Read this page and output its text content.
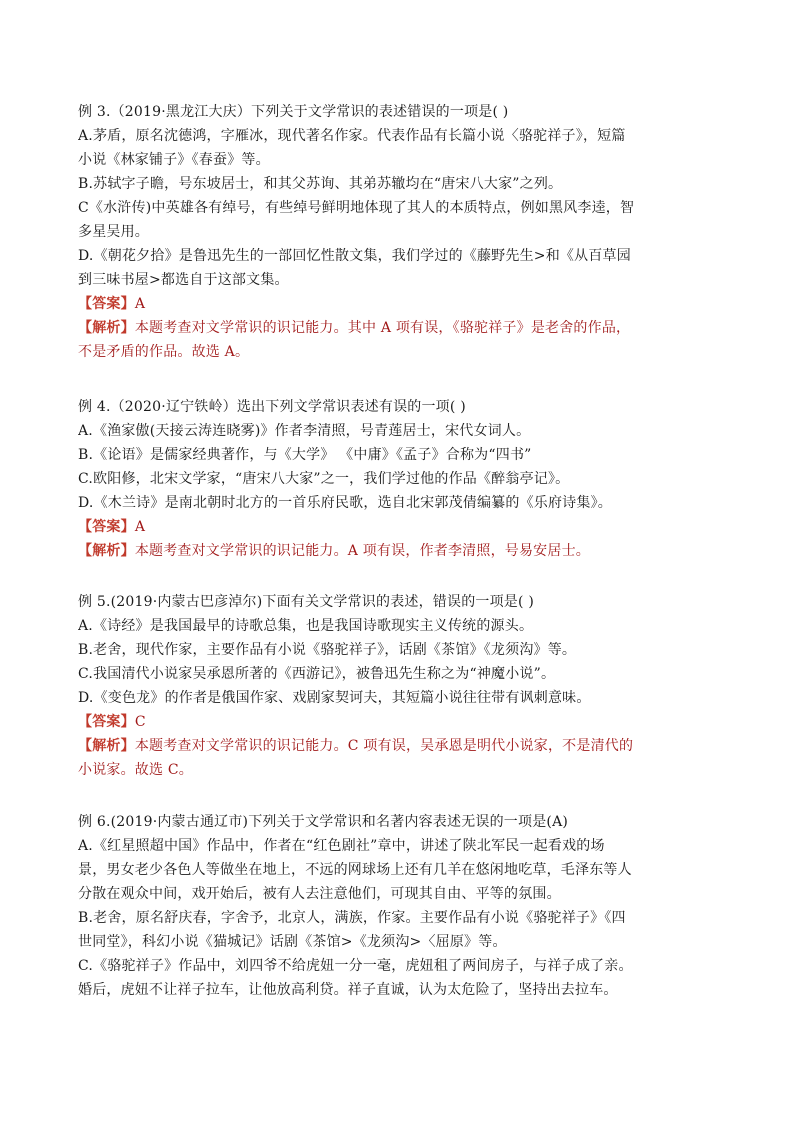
例 3.（2019·黑龙江大庆）下列关于文学常识的表述错误的一项是( )
A.茅盾，原名沈德鸿，字雁冰，现代著名作家。代表作品有长篇小说〈骆驼祥子》，短篇
小说《林家铺子》《春蚕》等。
B.苏轼字子瞻，号东坡居士，和其父苏询、其弟苏辙均在“唐宋八大家”之列。
C《水浒传)中英雄各有绰号，有些绰号鲜明地体现了其人的本质特点，例如黑风李逵，智
多星吴用。
D.《朝花夕拾》是鲁迅先生的一部回忆性散文集，我们学过的《藤野先生>和《从百草园
到三味书屋>都选自于这部文集。
【答案】A
【解析】本题考查对文学常识的识记能力。其中 A 项有误，《骆驼祥子》是老舍的作品，
不是矛盾的作品。故选 A。
例 4.（2020·辽宁铁岭）选出下列文学常识表述有误的一项( )
A.《渔家傲(天接云涛连晓雾)》作者李清照，号青莲居士，宋代女词人。
B.《论语》是儒家经典著作，与《大学》 《中庸》《孟子》合称为“四书”
C.欧阳修，北宋文学家，“唐宋八大家”之一，我们学过他的作品《醉翁亭记》。
D.《木兰诗》是南北朝时北方的一首乐府民歌，选自北宋郭茂倩编纂的《乐府诗集》。
【答案】A
【解析】本题考查对文学常识的识记能力。A 项有误，作者李清照，号易安居士。
例 5.(2019·内蒙古巴彦淖尔)下面有关文学常识的表述，错误的一项是( )
A.《诗经》是我国最早的诗歌总集，也是我国诗歌现实主义传统的源头。
B.老舍，现代作家，主要作品有小说《骆驼祥子》，话剧《茶馆》《龙须沟》等。
C.我国清代小说家吴承恩所著的《西游记》，被鲁迅先生称之为“神魔小说”。
D.《变色龙》的作者是俄国作家、戏剧家契诃夫，其短篇小说往往带有讽刺意味。
【答案】C
【解析】本题考查对文学常识的识记能力。C 项有误，吴承恩是明代小说家，不是清代的
小说家。故选 C。
例 6.(2019·内蒙古通辽市)下列关于文学常识和名著内容表述无误的一项是(A)
A.《红星照超中国》作品中，作者在“红色剧社”章中，讲述了陕北军民一起看戏的场
景，男女老少各色人等做坐在地上，不远的网球场上还有几羊在悠闲地吃草，毛泽东等人
分散在观众中间，戏开始后，被有人去注意他们，可现其自由、平等的氛围。
B.老舍，原名舒庆春，字舍予，北京人，满族，作家。主要作品有小说《骆驼祥子》《四
世同堂》，科幻小说《猫城记》话剧《茶馆>《龙须沟>〈屈原》等。
C.《骆驼祥子》作品中，刘四爷不给虎妞一分一毫，虎妞租了两间房子，与祥子成了亲。
婚后，虎妞不让祥子拉车，让他放高利贷。祥子直诚，认为太危险了，坚持出去拉车。
